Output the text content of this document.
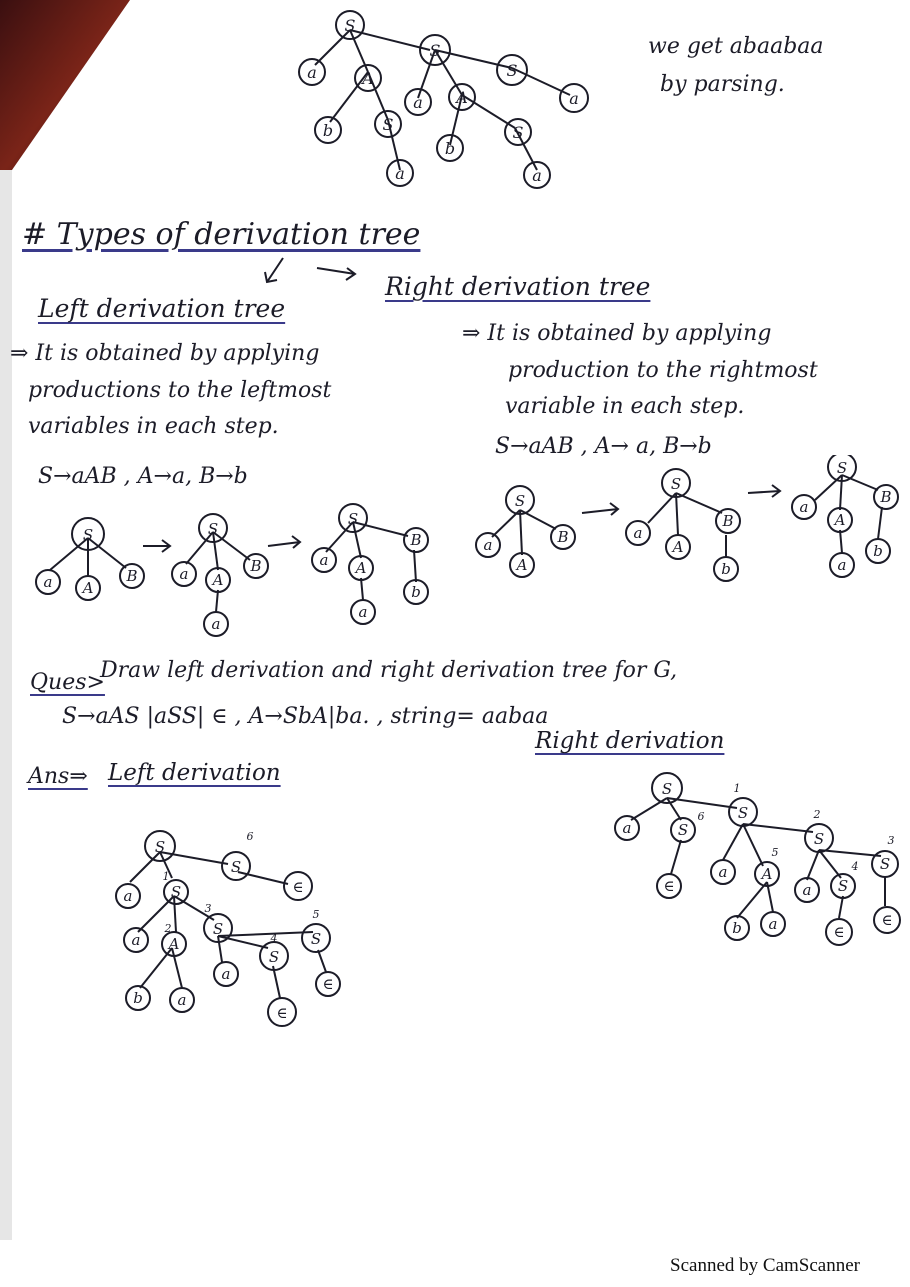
S
a	A
S
S
a
b	S
a A
b
S
a	a
we get abaabaa
by parsing.
# Types of derivation tree
Left derivation tree
Right derivation tree
⇒ It is obtained by applying
productions to the leftmost
variables in each step.
S→aAB , A→a, B→b
⇒ It is obtained by applying
production to the rightmost
variable in each step.
S→aAB , A→ a, B→b
S
a A
B
S
a A
B
a
S
a A
B
a
b
S
a
A
B
S
a
A
B
b
S
a
A
B
a
b
Ques>
Draw left derivation and right derivation tree for G,
S→aAS |aSS| ∈ , A→SbA|ba. , string= aabaa
Ans⇒ Left derivation
Right derivation
S
S
∈
a	S
a A
S
S
b a
a
S
∈
∈
6
1
2
3
4
5
S
a	S
S
∈
a A
S
b a
a S
S
∈
∈
1
2
3
4
5
6
Scanned by CamScanner
